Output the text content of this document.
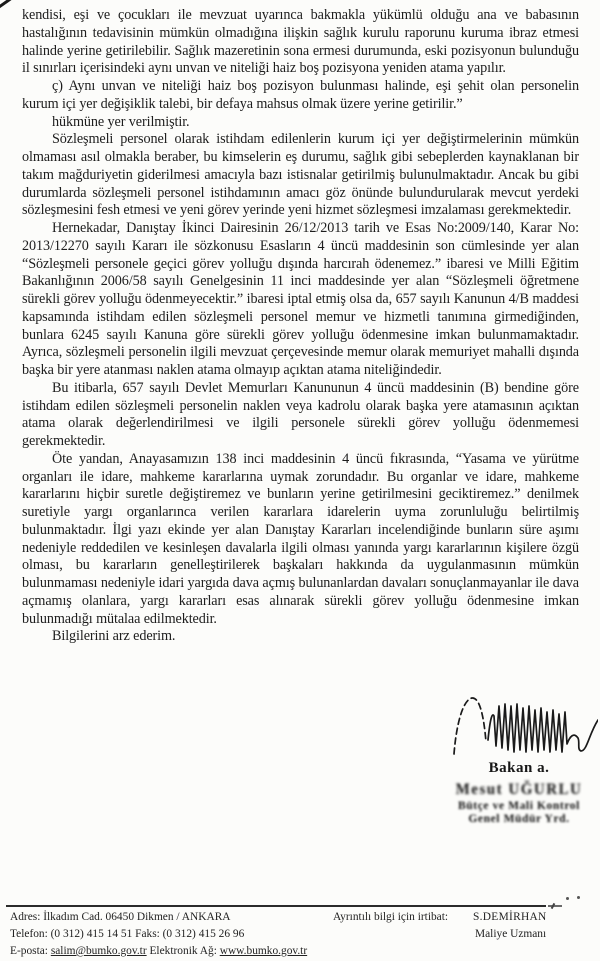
kendisi, eşi ve çocukları ile mevzuat uyarınca bakmakla yükümlü olduğu ana ve babasının hastalığının tedavisinin mümkün olmadığına ilişkin sağlık kurulu raporunu kuruma ibraz etmesi halinde yerine getirilebilir. Sağlık mazeretinin sona ermesi durumunda, eski pozisyonun bulunduğu il sınırları içerisindeki aynı unvan ve niteliği haiz boş pozisyona yeniden atama yapılır.

ç) Aynı unvan ve niteliği haiz boş pozisyon bulunması halinde, eşi şehit olan personelin kurum içi yer değişiklik talebi, bir defaya mahsus olmak üzere yerine getirilir.”

hükmüne yer verilmiştir.

Sözleşmeli personel olarak istihdam edilenlerin kurum içi yer değiştirmelerinin mümkün olmaması asıl olmakla beraber, bu kimselerin eş durumu, sağlık gibi sebeplerden kaynaklanan bir takım mağduriyetin giderilmesi amacıyla bazı istisnalar getirilmiş bulunulmaktadır. Ancak bu gibi durumlarda sözleşmeli personel istihdamının amacı göz önünde bulundurularak mevcut yerdeki sözleşmesini fesh etmesi ve yeni görev yerinde yeni hizmet sözleşmesi imzalaması gerekmektedir.

Hernekadar, Danıştay İkinci Dairesinin 26/12/2013 tarih ve Esas No:2009/140, Karar No: 2013/12270 sayılı Kararı ile sözkonusu Esasların 4 üncü maddesinin son cümlesinde yer alan “Sözleşmeli personele geçici görev yolluğu dışında harcırah ödenemez.” ibaresi ve Milli Eğitim Bakanlığının 2006/58 sayılı Genelgesinin 11 inci maddesinde yer alan “Sözleşmeli öğretmene sürekli görev yolluğu ödenmeyecektir.” ibaresi iptal etmiş olsa da, 657 sayılı Kanunun 4/B maddesi kapsamında istihdam edilen sözleşmeli personel memur ve hizmetli tanımına girmediğinden, bunlara 6245 sayılı Kanuna göre sürekli görev yolluğu ödenmesine imkan bulunmamaktadır. Ayrıca, sözleşmeli personelin ilgili mevzuat çerçevesinde memur olarak memuriyet mahalli dışında başka bir yere atanması naklen atama olmayıp açıktan atama niteliğindedir.

Bu itibarla, 657 sayılı Devlet Memurları Kanununun 4 üncü maddesinin (B) bendine göre istihdam edilen sözleşmeli personelin naklen veya kadrolu olarak başka yere atamasının açıktan atama olarak değerlendirilmesi ve ilgili personele sürekli görev yolluğu ödenmemesi gerekmektedir.

Öte yandan, Anayasamızın 138 inci maddesinin 4 üncü fıkrasında, “Yasama ve yürütme organları ile idare, mahkeme kararlarına uymak zorundadır. Bu organlar ve idare, mahkeme kararlarını hiçbir suretle değiştiremez ve bunların yerine getirilmesini geciktiremez.” denilmek suretiyle yargı organlarınca verilen kararlara idarelerin uyma zorunluluğu belirtilmiş bulunmaktadır. İlgi yazı ekinde yer alan Danıştay Kararları incelendiğinde bunların süre aşımı nedeniyle reddedilen ve kesinleşen davalarla ilgili olması yanında yargı kararlarının kişilere özgü olması, bu kararların genelleştirilerek başkaları hakkında da uygulanmasının mümkün bulunmaması nedeniyle idari yargıda dava açmış bulunanlardan davaları sonuçlanmayanlar ile dava açmamış olanlara, yargı kararları esas alınarak sürekli görev yolluğu ödenmesine imkan bulunmadığı mütalaa edilmektedir.

Bilgilerini arz ederim.

Bakan a.
Mesut UĞURLU
Bütçe ve Mali Kontrol
Genel Müdür Yrd.
Adres: İlkadım Cad. 06450 Dikmen / ANKARA	Ayrıntılı bilgi için irtibat: S.DEMİRHAN
Telefon: (0 312) 415 14 51 Faks: (0 312) 415 26 96	Maliye Uzmanı
E-posta: salim@bumko.gov.tr Elektronik Ağ: www.bumko.gov.tr
